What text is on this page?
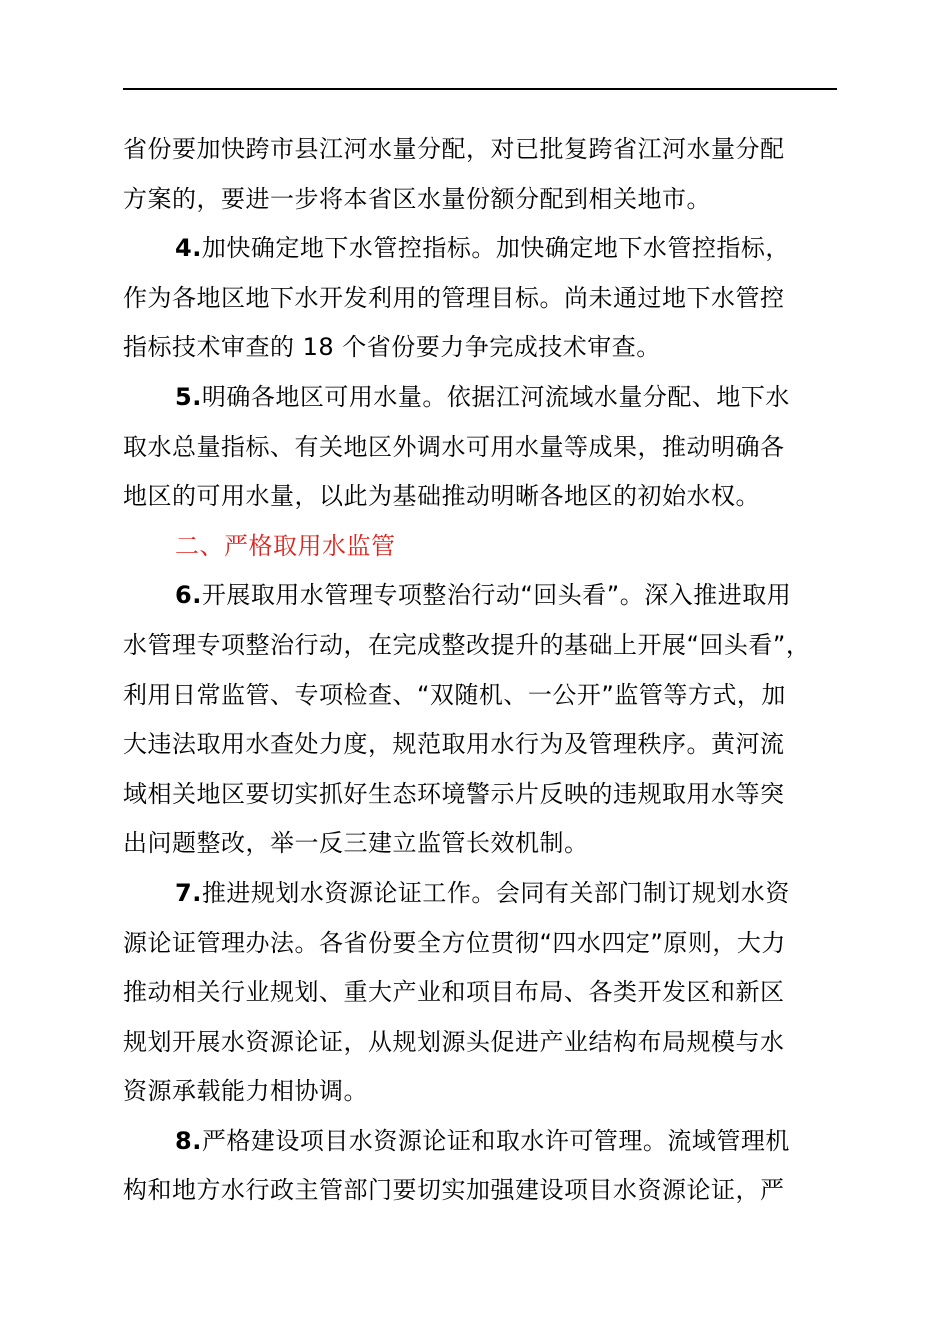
省份要加快跨市县江河水量分配，对已批复跨省江河水量分配
方案的，要进一步将本省区水量份额分配到相关地市。

4.加快确定地下水管控指标。加快确定地下水管控指标，
作为各地区地下水开发利用的管理目标。尚未通过地下水管控
指标技术审查的 18 个省份要力争完成技术审查。

5.明确各地区可用水量。依据江河流域水量分配、地下水
取水总量指标、有关地区外调水可用水量等成果，推动明确各
地区的可用水量，以此为基础推动明晰各地区的初始水权。

二、严格取用水监管

6.开展取用水管理专项整治行动“回头看”。深入推进取用
水管理专项整治行动，在完成整改提升的基础上开展“回头看”，
利用日常监管、专项检查、“双随机、一公开”监管等方式，加
大违法取用水查处力度，规范取用水行为及管理秩序。黄河流
域相关地区要切实抓好生态环境警示片反映的违规取用水等突
出问题整改，举一反三建立监管长效机制。

7.推进规划水资源论证工作。会同有关部门制订规划水资
源论证管理办法。各省份要全方位贯彻“四水四定”原则，大力
推动相关行业规划、重大产业和项目布局、各类开发区和新区
规划开展水资源论证，从规划源头促进产业结构布局规模与水
资源承载能力相协调。

8.严格建设项目水资源论证和取水许可管理。流域管理机
构和地方水行政主管部门要切实加强建设项目水资源论证，严
